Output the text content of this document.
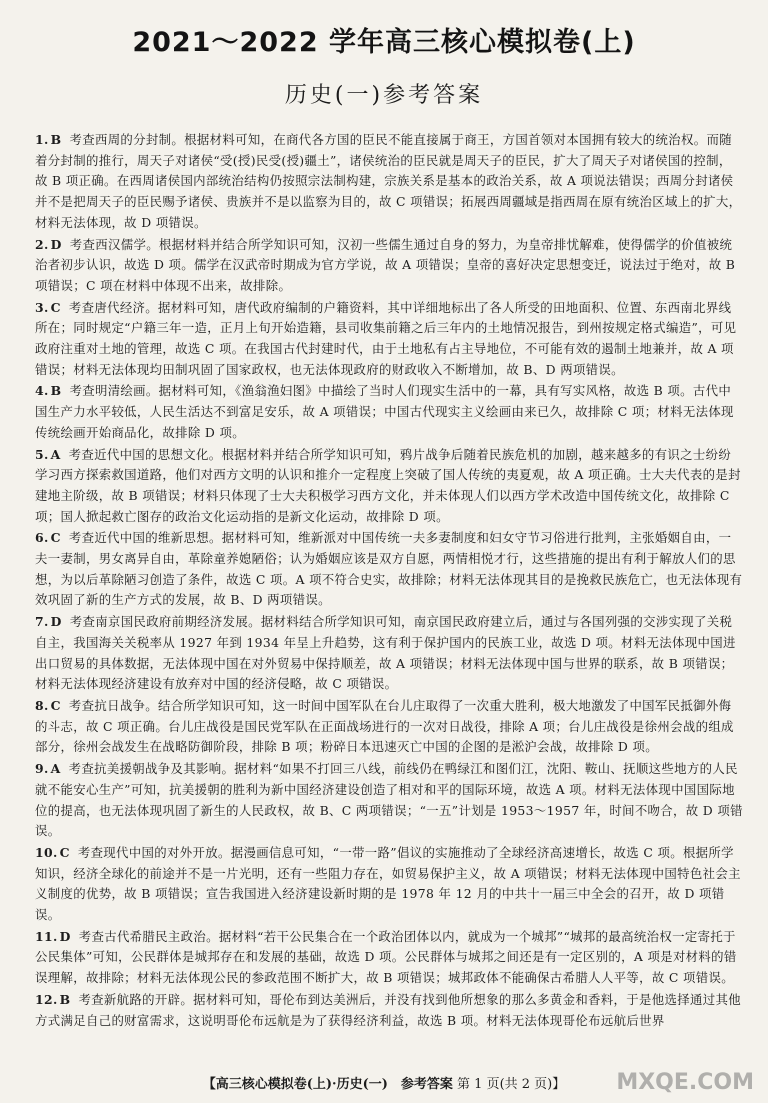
2021～2022 学年高三核心模拟卷(上)
历史(一)参考答案
1. B 考查西周的分封制。根据材料可知，在商代各方国的臣民不能直接属于商王，方国首领对本国拥有较大的统治权。而随着分封制的推行，周天子对诸侯“受(授)民受(授)疆土”，诸侯统治的臣民就是周天子的臣民，扩大了周天子对诸侯国的控制，故 B 项正确。在西周诸侯国内部统治结构仍按照宗法制构建，宗族关系是基本的政治关系，故 A 项说法错误；西周分封诸侯并不是把周天子的臣民赐予诸侯、贵族并不是以监察为目的，故 C 项错误；拓展西周疆域是指西周在原有统治区域上的扩大，材料无法体现，故 D 项错误。
2. D 考查西汉儒学。根据材料并结合所学知识可知，汉初一些儒生通过自身的努力，为皇帝排忧解难，使得儒学的价值被统治者初步认识，故选 D 项。儒学在汉武帝时期成为官方学说，故 A 项错误；皇帝的喜好决定思想变迁，说法过于绝对，故 B 项错误；C 项在材料中体现不出来，故排除。
3. C 考查唐代经济。据材料可知，唐代政府编制的户籍资料，其中详细地标出了各人所受的田地面积、位置、东西南北界线所在；同时规定“户籍三年一造，正月上旬开始造籍，县司收集前籍之后三年内的土地情况报告，到州按规定格式编造”，可见政府注重对土地的管理，故选 C 项。在我国古代封建时代，由于土地私有占主导地位，不可能有效的遏制土地兼并，故 A 项错误；材料无法体现均田制巩固了国家政权，也无法体现政府的财政收入不断增加，故 B、D 两项错误。
4. B 考查明清绘画。据材料可知，《渔翁渔妇图》中描绘了当时人们现实生活中的一幕，具有写实风格，故选 B 项。古代中国生产力水平较低，人民生活达不到富足安乐，故 A 项错误；中国古代现实主义绘画由来已久，故排除 C 项；材料无法体现传统绘画开始商品化，故排除 D 项。
5. A 考查近代中国的思想文化。根据材料并结合所学知识可知，鸦片战争后随着民族危机的加剧，越来越多的有识之士纷纷学习西方探索救国道路，他们对西方文明的认识和推介一定程度上突破了国人传统的夷夏观，故 A 项正确。士大夫代表的是封建地主阶级，故 B 项错误；材料只体现了士大夫积极学习西方文化，并未体现人们以西方学术改造中国传统文化，故排除 C 项；国人掀起救亡图存的政治文化运动指的是新文化运动，故排除 D 项。
6. C 考查近代中国的维新思想。据材料可知，维新派对中国传统一夫多妻制度和妇女守节习俗进行批判，主张婚姻自由，一夫一妻制，男女离异自由，革除童养媳陋俗；认为婚姻应该是双方自愿，两情相悦才行，这些措施的提出有利于解放人们的思想，为以后革除陋习创造了条件，故选 C 项。A 项不符合史实，故排除；材料无法体现其目的是挽救民族危亡，也无法体现有效巩固了新的生产方式的发展，故 B、D 两项错误。
7. D 考查南京国民政府前期经济发展。据材料结合所学知识可知，南京国民政府建立后，通过与各国列强的交涉实现了关税自主，我国海关关税率从 1927 年到 1934 年呈上升趋势，这有利于保护国内的民族工业，故选 D 项。材料无法体现中国进出口贸易的具体数据，无法体现中国在对外贸易中保持顺差，故 A 项错误；材料无法体现中国与世界的联系，故 B 项错误；材料无法体现经济建设有放弃对中国的经济侵略，故 C 项错误。
8. C 考查抗日战争。结合所学知识可知，这一时间中国军队在台儿庄取得了一次重大胜利，极大地激发了中国军民抵御外侮的斗志，故 C 项正确。台儿庄战役是国民党军队在正面战场进行的一次对日战役，排除 A 项；台儿庄战役是徐州会战的组成部分，徐州会战发生在战略防御阶段，排除 B 项；粉碎日本迅速灭亡中国的企图的是淞沪会战，故排除 D 项。
9. A 考查抗美援朝战争及其影响。据材料“如果不打回三八线，前线仍在鸭绿江和图们江，沈阳、鞍山、抚顺这些地方的人民就不能安心生产”可知，抗美援朝的胜利为新中国经济建设创造了相对和平的国际环境，故选 A 项。材料无法体现中国国际地位的提高，也无法体现巩固了新生的人民政权，故 B、C 两项错误；“一五”计划是 1953～1957 年，时间不吻合，故 D 项错误。
10. C 考查现代中国的对外开放。据漫画信息可知，“一带一路”倡议的实施推动了全球经济高速增长，故选 C 项。根据所学知识，经济全球化的前途并不是一片光明，还有一些阻力存在，如贸易保护主义，故 A 项错误；材料无法体现中国特色社会主义制度的优势，故 B 项错误；宣告我国进入经济建设新时期的是 1978 年 12 月的中共十一届三中全会的召开，故 D 项错误。
11. D 考查古代希腊民主政治。据材料“若干公民集合在一个政治团体以内，就成为一个城邦”“城邦的最高统治权一定寄托于公民集体”可知，公民群体是城邦存在和发展的基础，故选 D 项。公民群体与城邦之间还是有一定区别的，A 项是对材料的错误理解，故排除；材料无法体现公民的参政范围不断扩大，故 B 项错误；城邦政体不能确保古希腊人人平等，故 C 项错误。
12. B 考查新航路的开辟。据材料可知，哥伦布到达美洲后，并没有找到他所想象的那么多黄金和香料，于是他选择通过其他方式满足自己的财富需求，这说明哥伦布远航是为了获得经济利益，故选 B 项。材料无法体现哥伦布远航后世界
【高三核心模拟卷(上)·历史(一)　参考答案 第 1 页(共 2 页)】	MXQE.COM
